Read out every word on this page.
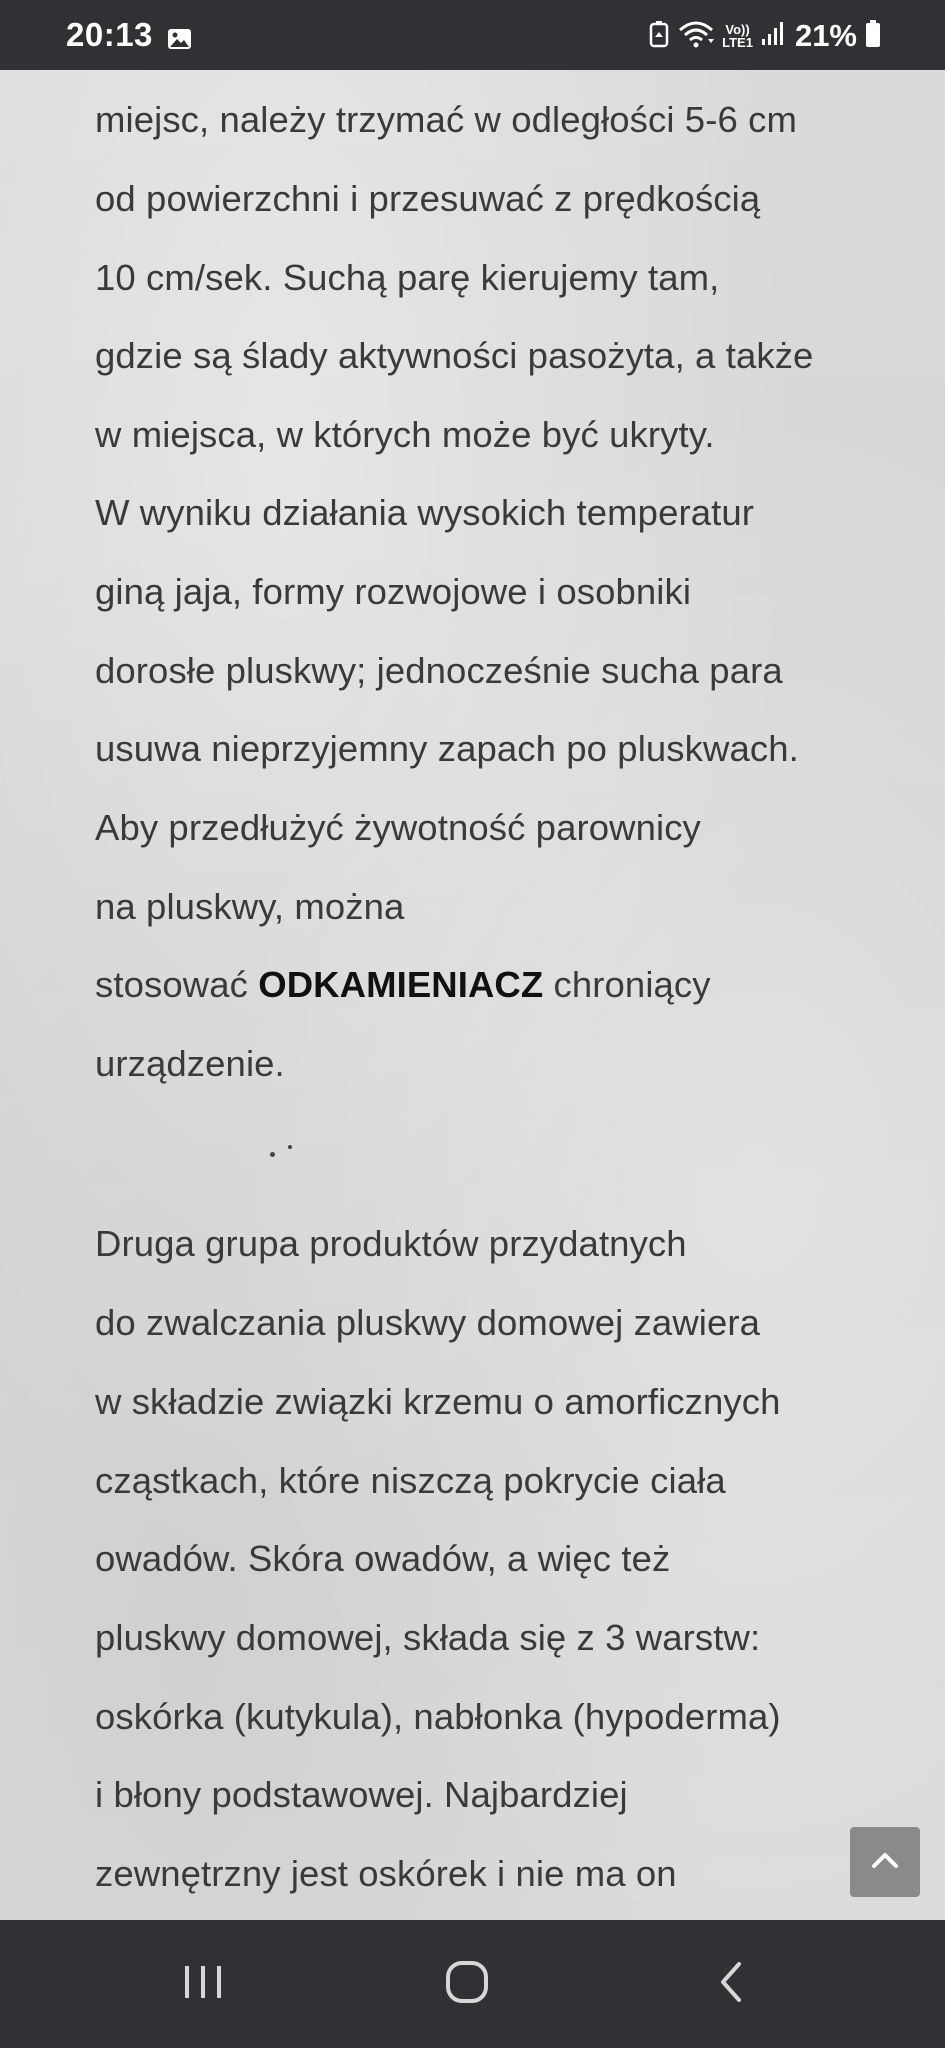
20:13	Vo))
LTE1 21%
miejsc, należy trzymać w odległości 5-6 cm
od powierzchni i przesuwać z prędkością
10 cm/sek. Suchą parę kierujemy tam,
gdzie są ślady aktywności pasożyta, a także
w miejsca, w których może być ukryty.
W wyniku działania wysokich temperatur
giną jaja, formy rozwojowe i osobniki
dorosłe pluskwy; jednocześnie sucha para
usuwa nieprzyjemny zapach po pluskwach.
Aby przedłużyć żywotność parownicy
na pluskwy, można
stosować ODKAMIENIACZ chroniący
urządzenie.
Druga grupa produktów przydatnych
do zwalczania pluskwy domowej zawiera
w składzie związki krzemu o amorficznych
cząstkach, które niszczą pokrycie ciała
owadów. Skóra owadów, a więc też
pluskwy domowej, składa się z 3 warstw:
oskórka (kutykula), nabłonka (hypoderma)
i błony podstawowej. Najbardziej
zewnętrzny jest oskórek i nie ma on
